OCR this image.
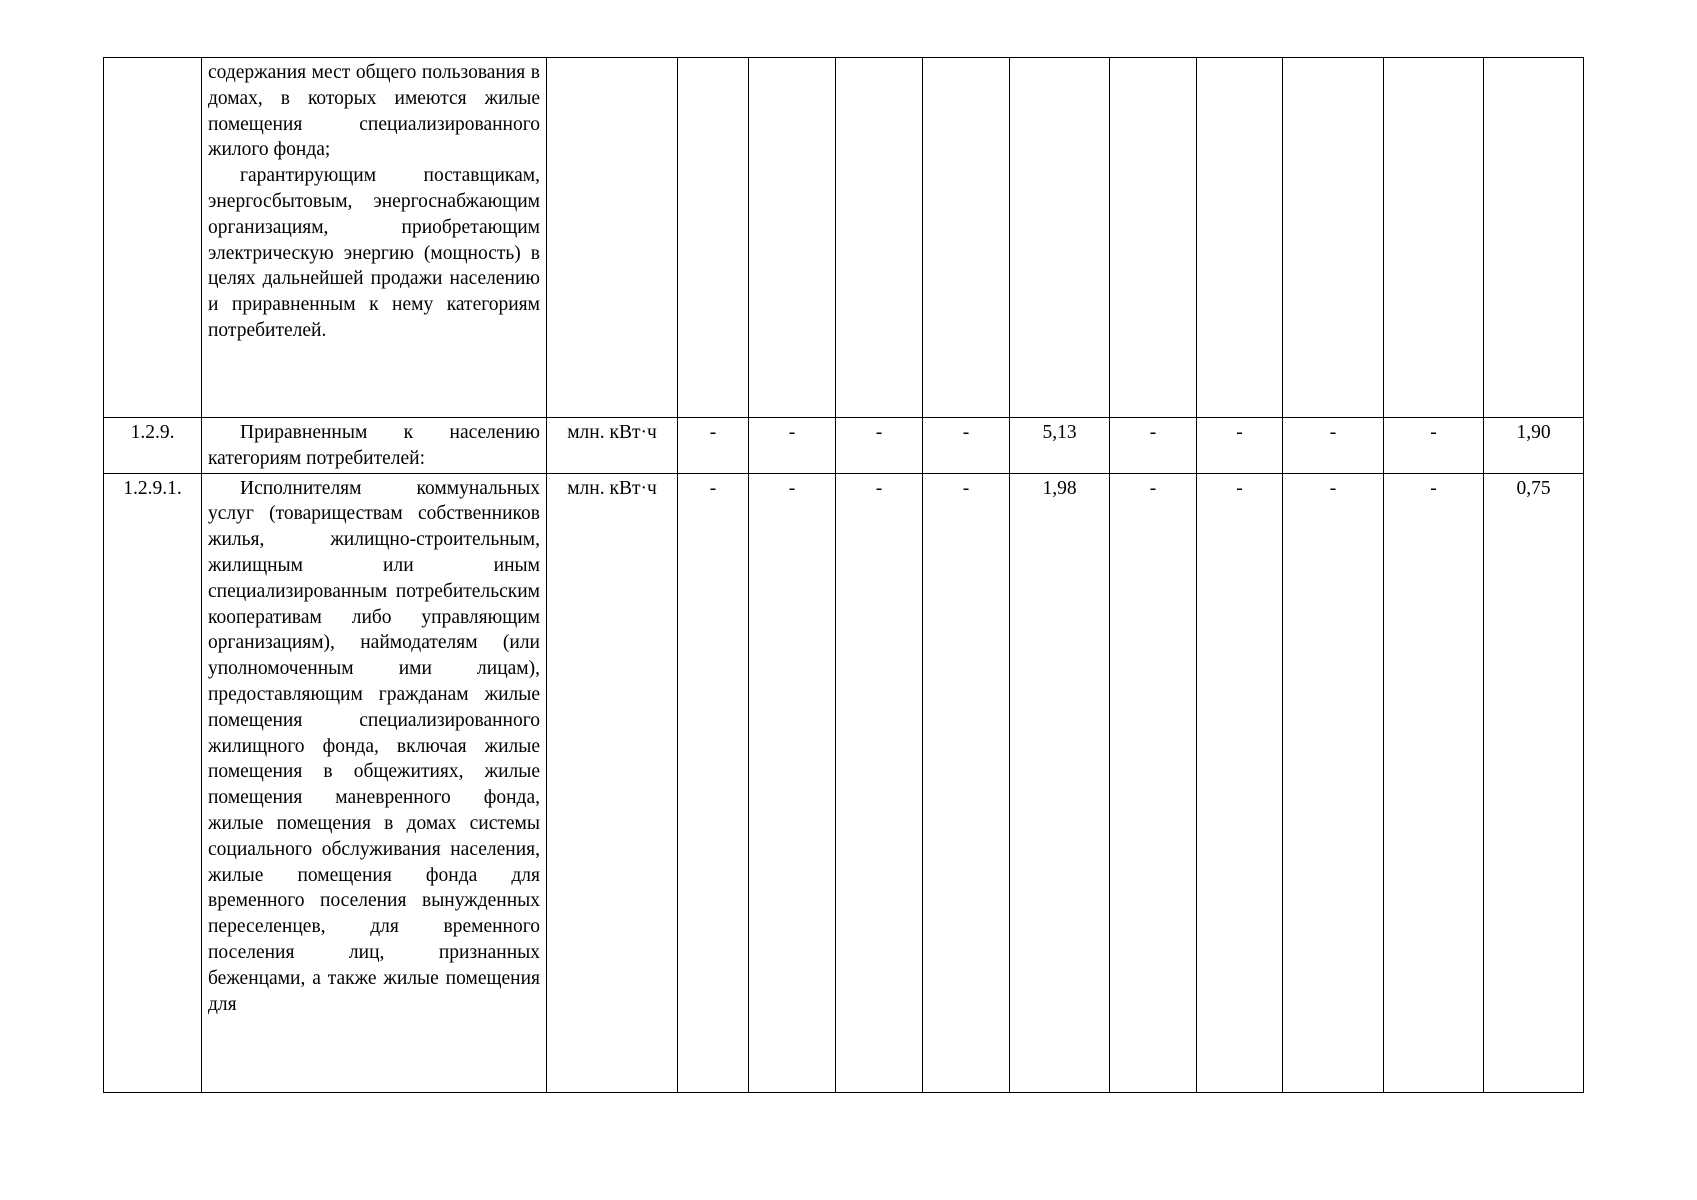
	содержания мест общего пользования в домах, в которых имеются жилые помещения специализированного жилого фонда;
гарантирующим поставщикам, энергосбытовым, энергоснабжающим организациям, приобретающим электрическую энергию (мощность) в целях дальнейшей продажи населению и приравненным к нему категориям потребителей.											

1.2.9.	Приравненным к населению категориям потребителей:	млн. кВт·ч	-	-	-	-	5,13	-	-	-	-	1,90
1.2.9.1.	Исполнителям коммунальных услуг (товариществам собственников жилья, жилищно-строительным, жилищным или иным специализированным потребительским кооперативам либо управляющим организациям), наймодателям (или уполномоченным ими лицам), предоставляющим гражданам жилые помещения специализированного жилищного фонда, включая жилые помещения в общежитиях, жилые помещения маневренного фонда, жилые помещения в домах системы социального обслуживания населения, жилые помещения фонда для временного поселения вынужденных переселенцев, для временного поселения лиц, признанных беженцами, а также жилые помещения для	млн. кВт·ч	-	-	-	-	1,98	-	-	-	-	0,75
